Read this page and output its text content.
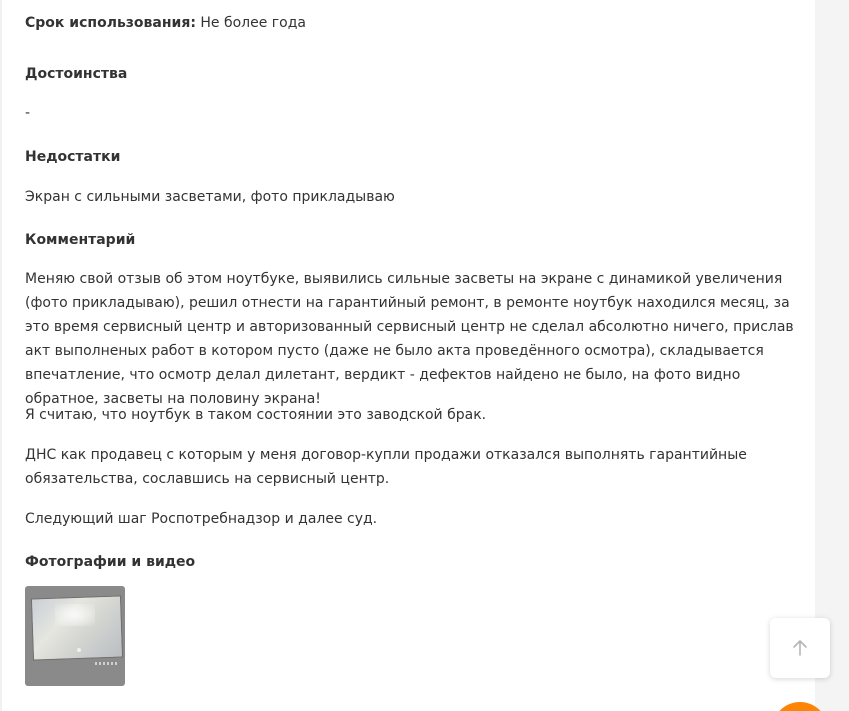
Срок использования: Не более года
Достоинства
-
Недостатки
Экран с сильными засветами, фото прикладываю
Комментарий
Меняю свой отзыв об этом ноутбуке, выявились сильные засветы на экране с динамикой увеличения (фото прикладываю), решил отнести на гарантийный ремонт, в ремонте ноутбук находился месяц, за это время сервисный центр и авторизованный сервисный центр не сделал абсолютно ничего, прислав акт выполненых работ в котором пусто (даже не было акта проведённого осмотра), складывается впечатление, что осмотр делал дилетант, вердикт - дефектов найдено не было, на фото видно обратное, засветы на половину экрана!
Я считаю, что ноутбук в таком состоянии это заводской брак.
ДНС как продавец с которым у меня договор-купли продажи отказался выполнять гарантийные обязательства, сославшись на сервисный центр.
Следующий шаг Роспотребнадзор и далее суд.
Фотографии и видео
